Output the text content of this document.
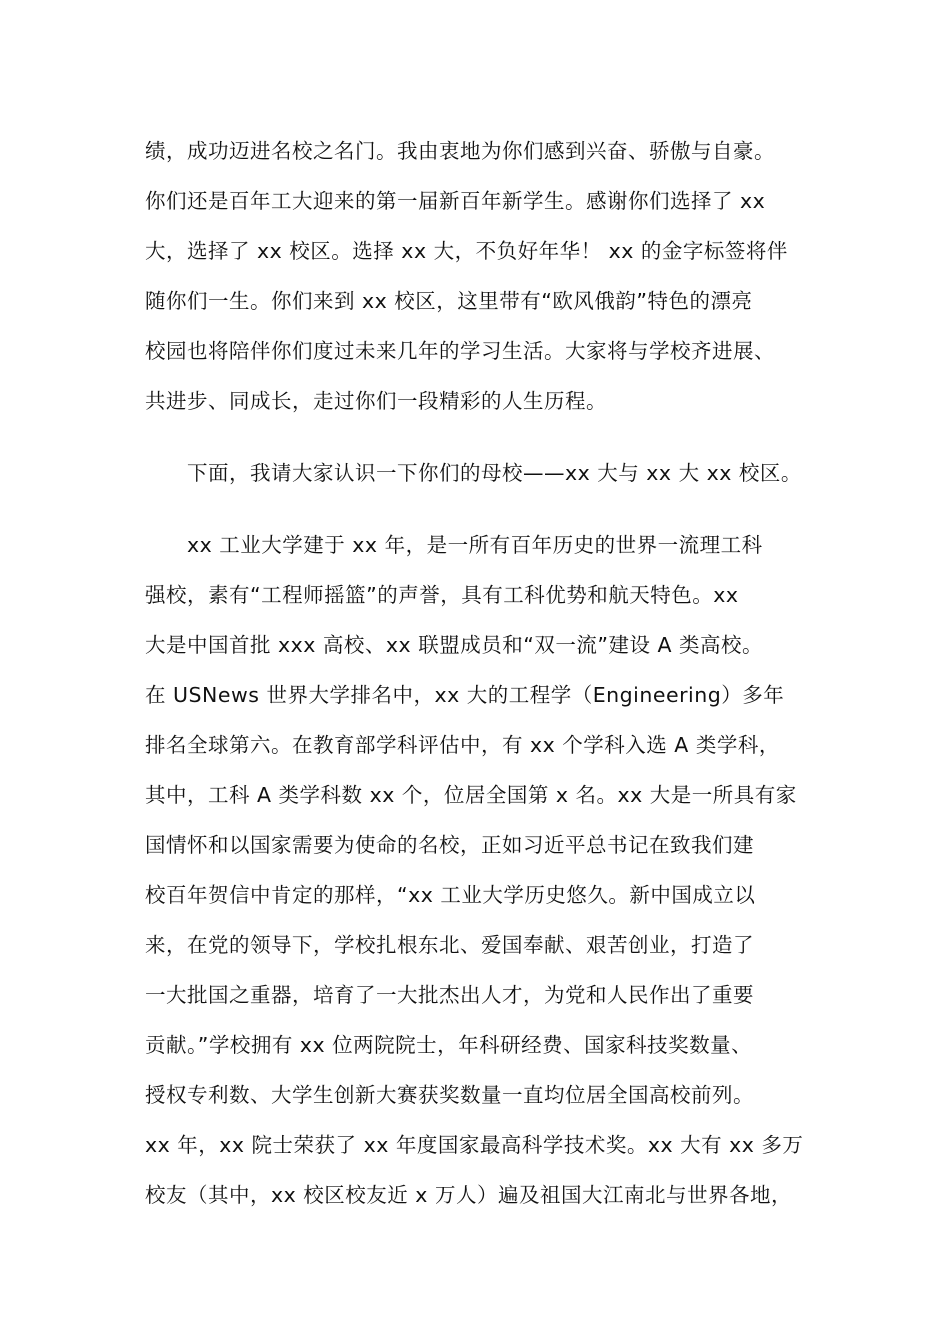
绩，成功迈进名校之名门。我由衷地为你们感到兴奋、骄傲与自豪。
你们还是百年工大迎来的第一届新百年新学生。感谢你们选择了 xx
大，选择了 xx 校区。选择 xx 大，不负好年华！ xx 的金字标签将伴
随你们一生。你们来到 xx 校区，这里带有“欧风俄韵”特色的漂亮
校园也将陪伴你们度过未来几年的学习生活。大家将与学校齐进展、
共进步、同成长，走过你们一段精彩的人生历程。
　　下面，我请大家认识一下你们的母校——xx 大与 xx 大 xx 校区。
　　xx 工业大学建于 xx 年，是一所有百年历史的世界一流理工科
强校，素有“工程师摇篮”的声誉，具有工科优势和航天特色。xx
大是中国首批 xxx 高校、xx 联盟成员和“双一流”建设 A 类高校。
在 USNews 世界大学排名中，xx 大的工程学（Engineering）多年
排名全球第六。在教育部学科评估中，有 xx 个学科入选 A 类学科，
其中，工科 A 类学科数 xx 个，位居全国第 x 名。xx 大是一所具有家
国情怀和以国家需要为使命的名校，正如习近平总书记在致我们建
校百年贺信中肯定的那样，“xx 工业大学历史悠久。新中国成立以
来，在党的领导下，学校扎根东北、爱国奉献、艰苦创业，打造了
一大批国之重器，培育了一大批杰出人才，为党和人民作出了重要
贡献。”学校拥有 xx 位两院院士，年科研经费、国家科技奖数量、
授权专利数、大学生创新大赛获奖数量一直均位居全国高校前列。
xx 年，xx 院士荣获了 xx 年度国家最高科学技术奖。xx 大有 xx 多万
校友（其中，xx 校区校友近 x 万人）遍及祖国大江南北与世界各地，
